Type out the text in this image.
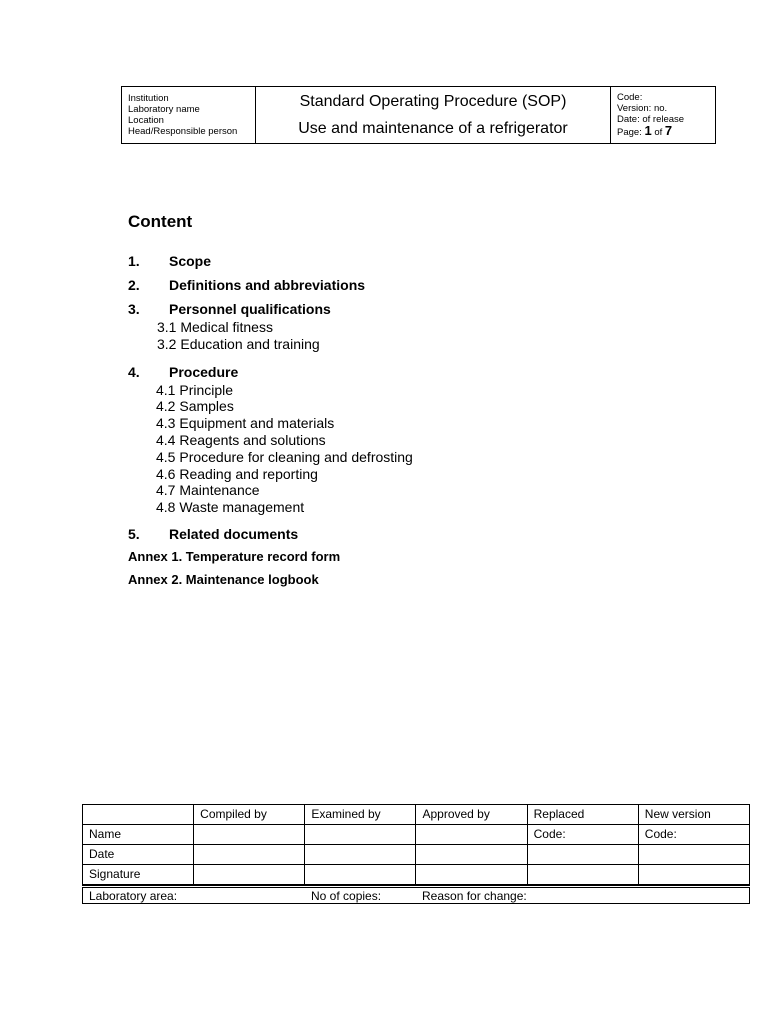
Institution
Laboratory name
Location
Head/Responsible person
Standard Operating Procedure (SOP)
Use and maintenance of a refrigerator
Code:
Version: no.
Date: of release
Page: 1 of 7
Content
1.	Scope
2.	Definitions and abbreviations
3.	Personnel qualifications
3.1 Medical fitness
3.2 Education and training
4.	Procedure
4.1 Principle
4.2 Samples
4.3 Equipment and materials
4.4 Reagents and solutions
4.5 Procedure for cleaning and defrosting
4.6 Reading and reporting
4.7 Maintenance
4.8 Waste management
5.	Related documents
Annex 1. Temperature record form
Annex 2. Maintenance logbook
	Compiled by	Examined by	Approved by	Replaced	New version
Name				Code:	Code:
Date					
Signature					
Laboratory area:	No of copies:	Reason for change:
